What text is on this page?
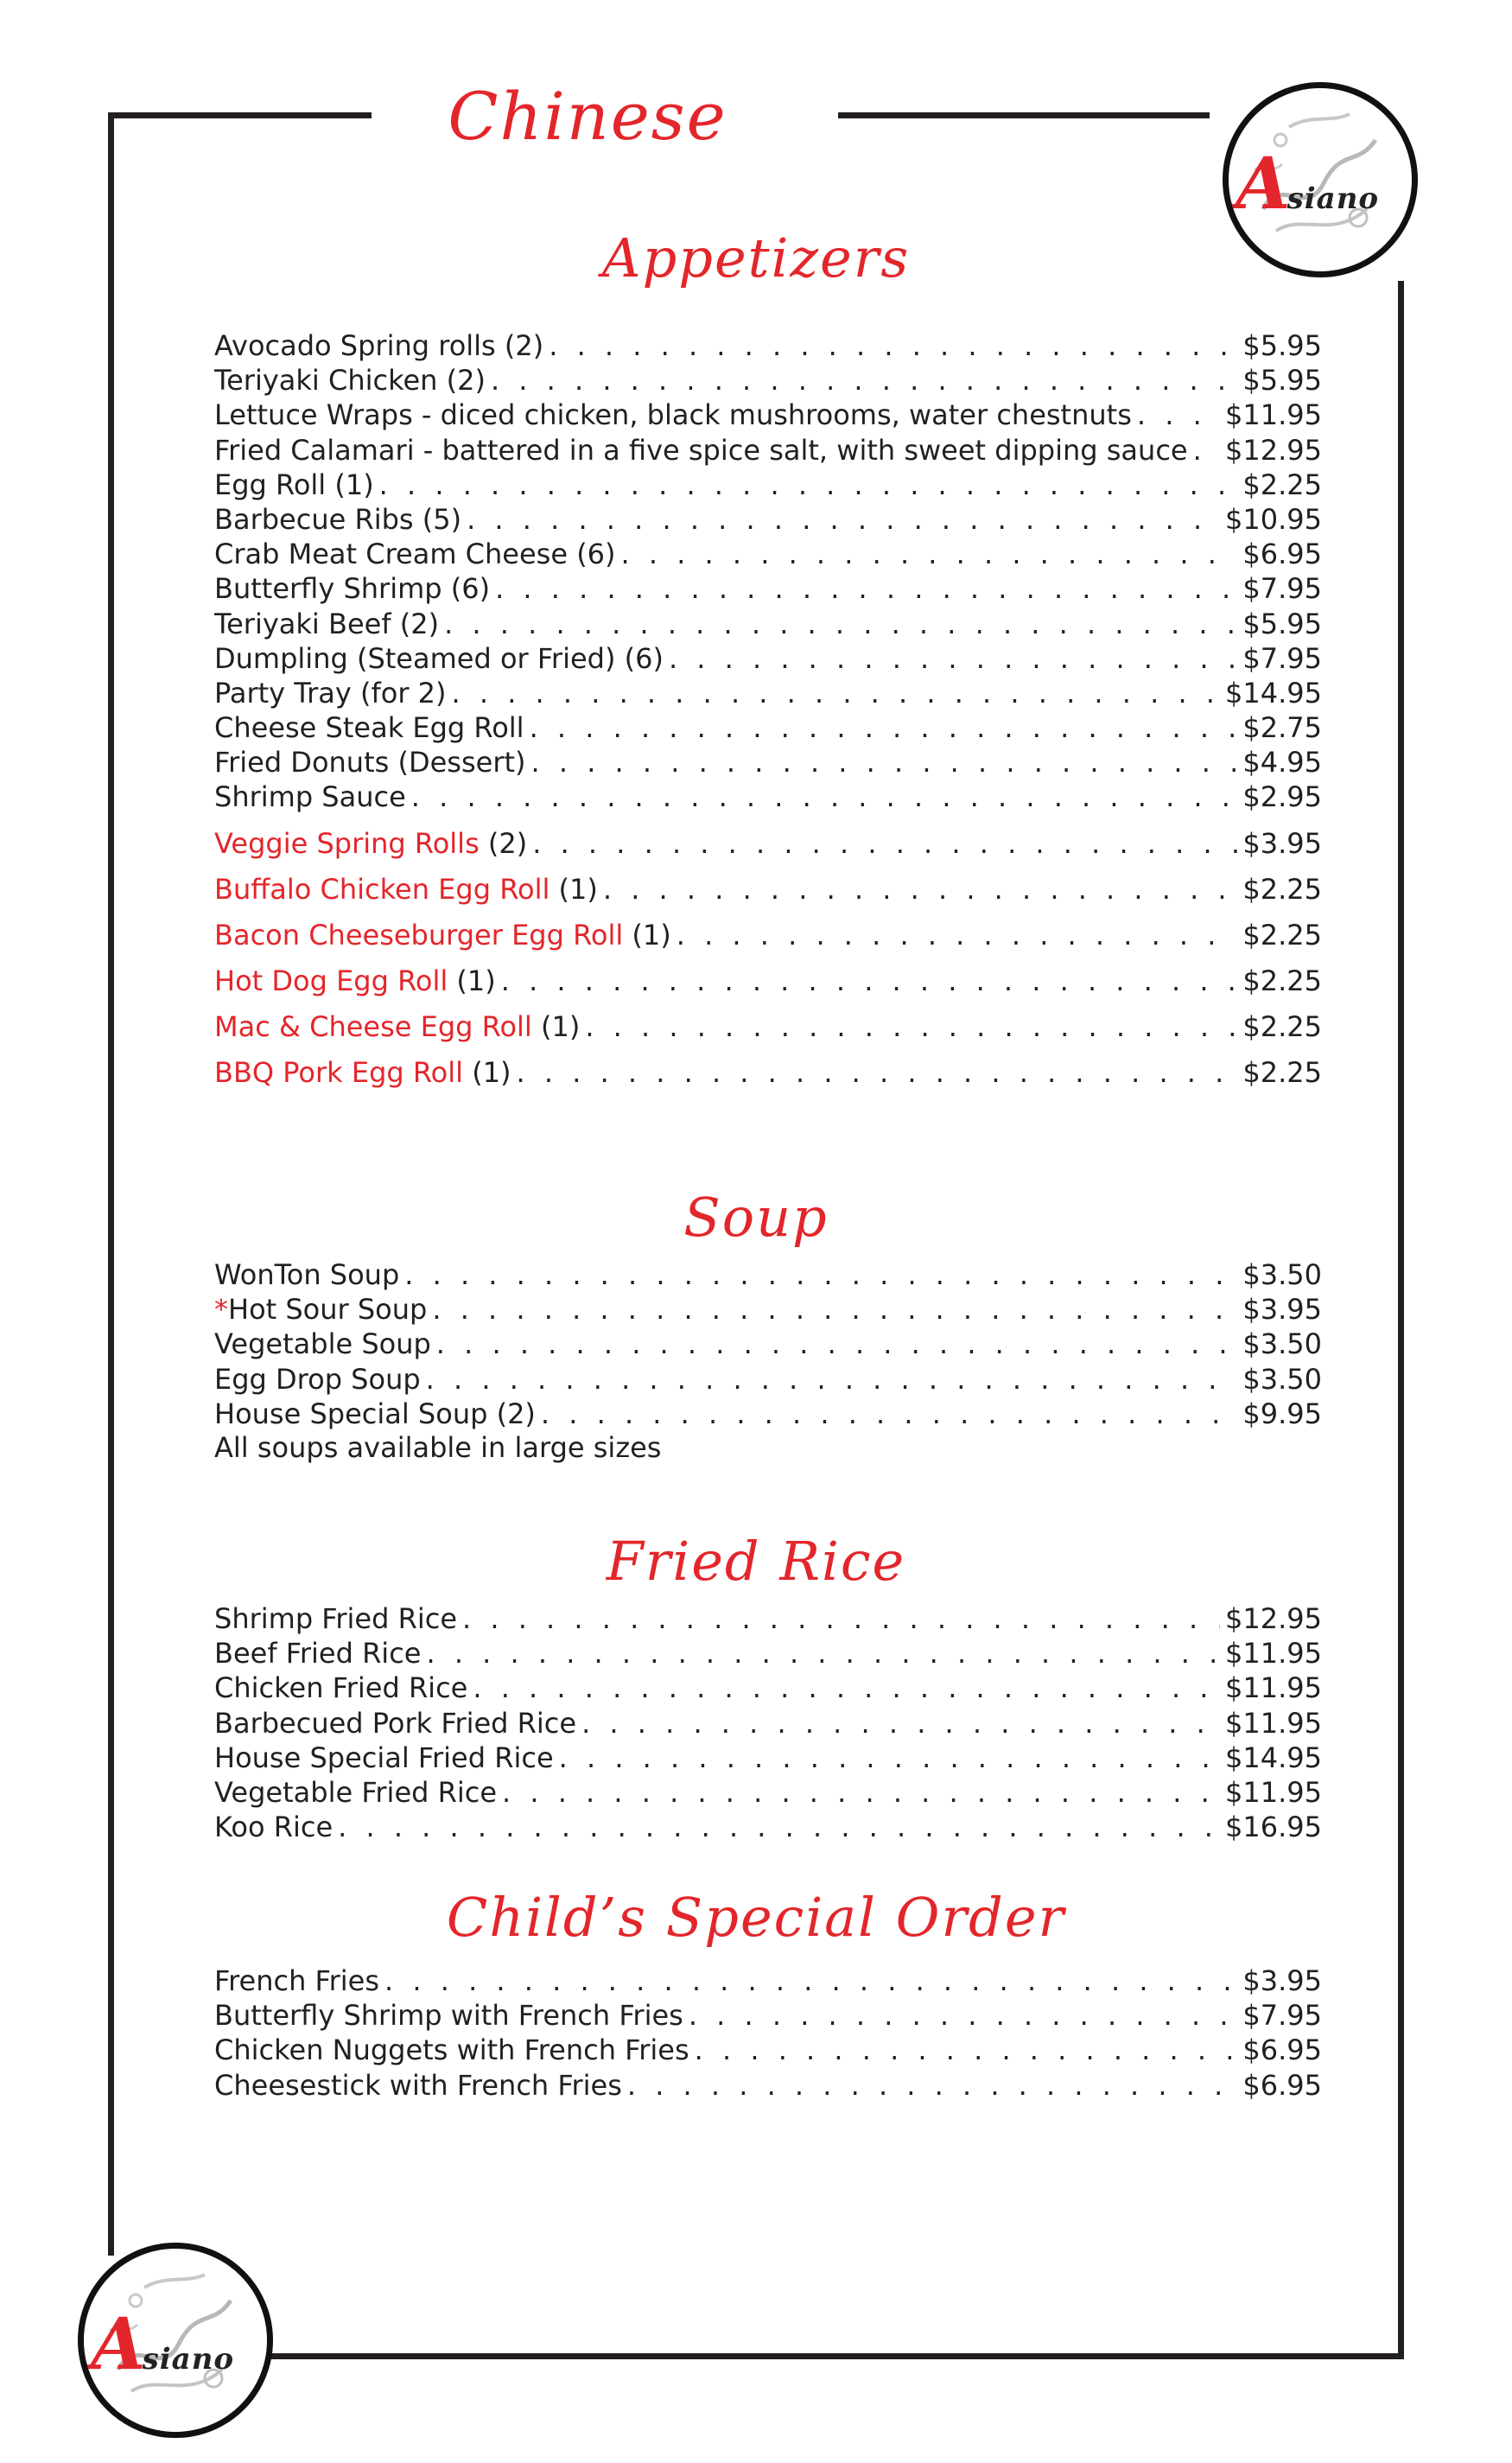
Chinese
A
siano
A
siano
Appetizers
Avocado Spring rolls (2) . . .	$5.95
Teriyaki Chicken (2) . . .	$5.95
Lettuce Wraps - diced chicken, black mushrooms, water chestnuts . . .	$11.95
Fried Calamari - battered in a five spice salt, with sweet dipping sauce . . . $12.95
Egg Roll (1) . . .	$2.25
Barbecue Ribs (5) . . .	$10.95
Crab Meat Cream Cheese (6) . . .	$6.95
Butterfly Shrimp (6) . . .	$7.95
Teriyaki Beef (2) . . .	$5.95
Dumpling (Steamed or Fried) (6) . . .	$7.95
Party Tray (for 2) . . .	$14.95
Cheese Steak Egg Roll . . .	$2.75
Fried Donuts (Dessert) . . .	$4.95
Shrimp Sauce . . .	$2.95
Veggie Spring Rolls (2) . . .	$3.95
Buffalo Chicken Egg Roll (1) . . .	$2.25
Bacon Cheeseburger Egg Roll (1) . . .	$2.25
Hot Dog Egg Roll (1) . . .	$2.25
Mac & Cheese Egg Roll (1) . . .	$2.25
BBQ Pork Egg Roll (1) . . .	$2.25
Soup
WonTon Soup . . .	$3.50
*Hot Sour Soup . . .	$3.95
Vegetable Soup . . .	$3.50
Egg Drop Soup . . .	$3.50
House Special Soup (2) . . .	$9.95

All soups available in large sizes

Fried Rice
Shrimp Fried Rice . . .	$12.95
Beef Fried Rice . . .	$11.95
Chicken Fried Rice . . .	$11.95
Barbecued Pork Fried Rice . . .	$11.95
House Special Fried Rice . . .	$14.95
Vegetable Fried Rice . . .	$11.95
Koo Rice . . .	$16.95
Child’s Special Order
French Fries . . .	$3.95
Butterfly Shrimp with French Fries . . .	$7.95
Chicken Nuggets with French Fries . . .	$6.95
Cheesestick with French Fries . . .	$6.95
